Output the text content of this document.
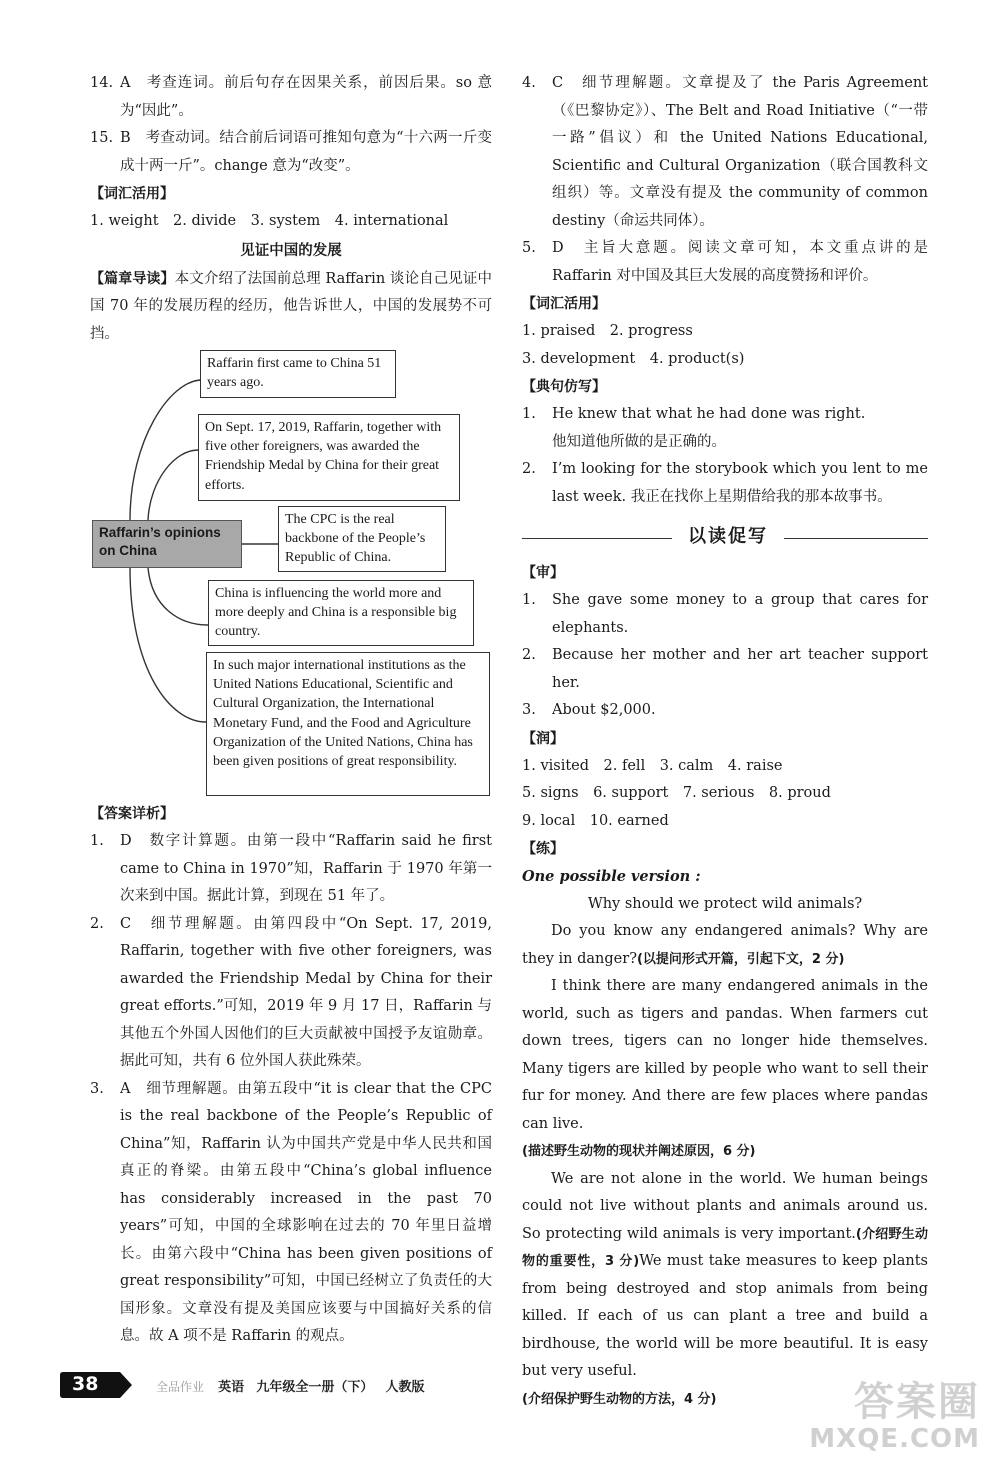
14. A　考查连词。前后句存在因果关系，前因后果。so 意为“因此”。
15. B　考查动词。结合前后词语可推知句意为“十六两一斤变成十两一斤”。change 意为“改变”。
【词汇活用】
1. weight　2. divide　3. system　4. international
见证中国的发展
【篇章导读】本文介绍了法国前总理 Raffarin 谈论自己见证中国 70 年的发展历程的经历，他告诉世人，中国的发展势不可挡。
Raffarin’s opinions on China
Raffarin first came to China 51 years ago.
On Sept. 17, 2019, Raffarin, together with five other foreigners, was awarded the Friendship Medal by China for their great efforts.
The CPC is the real backbone of the People’s Republic of China.
China is influencing the world more and more deeply and China is a responsible big country.
In such major international institutions as the United Nations Educational, Scientific and Cultural Organization, the International Monetary Fund, and the Food and Agriculture Organization of the United Nations, China has been given positions of great responsibility.
【答案详析】
1.	D　数字计算题。由第一段中“Raffarin said he first came to China in 1970”知，Raffarin 于 1970 年第一次来到中国。据此计算，到现在 51 年了。
2.	C　细节理解题。由第四段中“On Sept. 17, 2019, Raffarin, together with five other foreigners, was awarded the Friendship Medal by China for their great efforts.”可知，2019 年 9 月 17 日，Raffarin 与其他五个外国人因他们的巨大贡献被中国授予友谊勋章。据此可知，共有 6 位外国人获此殊荣。
3.	A　细节理解题。由第五段中“it is clear that the CPC is the real backbone of the People’s Republic of China”知，Raffarin 认为中国共产党是中华人民共和国真正的脊梁。由第五段中“China’s global influence has considerably increased in the past 70 years”可知，中国的全球影响在过去的 70 年里日益增长。由第六段中“China has been given positions of great responsibility”可知，中国已经树立了负责任的大国形象。文章没有提及美国应该要与中国搞好关系的信息。故 A 项不是 Raffarin 的观点。
4.	C　细节理解题。文章提及了 the Paris Agreement（《巴黎协定》）、The Belt and Road Initiative（“一带一路”倡议）和 the United Nations Educational, Scientific and Cultural Organization（联合国教科文组织）等。文章没有提及 the community of common destiny（命运共同体）。
5.	D　主旨大意题。阅读文章可知，本文重点讲的是 Raffarin 对中国及其巨大发展的高度赞扬和评价。
【词汇活用】
1. praised　2. progress
3. development　4. product(s)
【典句仿写】
1.	He knew that what he had done was right.
他知道他所做的是正确的。
2.	I’m looking for the storybook which you lent to me last week. 我正在找你上星期借给我的那本故事书。
以读促写
【审】
1.	She gave some money to a group that cares for elephants.
2.	Because her mother and her art teacher support her.
3.	About $2,000.
【润】
1. visited　2. fell　3. calm　4. raise
5. signs　6. support　7. serious　8. proud
9. local　10. earned
【练】
One possible version :
Why should we protect wild animals?
Do you know any endangered animals? Why are they in danger?(以提问形式开篇，引起下文，2 分)
I think there are many endangered animals in the world, such as tigers and pandas. When farmers cut down trees, tigers can no longer hide themselves. Many tigers are killed by people who want to sell their fur for money. And there are few places where pandas can live.
(描述野生动物的现状并阐述原因，6 分)
We are not alone in the world. We human beings could not live without plants and animals around us. So protecting wild animals is very important.(介绍野生动物的重要性，3 分)We must take measures to keep plants from being destroyed and stop animals from being killed. If each of us can plant a tree and build a birdhouse, the world will be more beautiful. It is easy but very useful.
(介绍保护野生动物的方法，4 分)
38	全品作业 英语 九年级全一册（下） 人教版	答案圈
MXQE.COM
